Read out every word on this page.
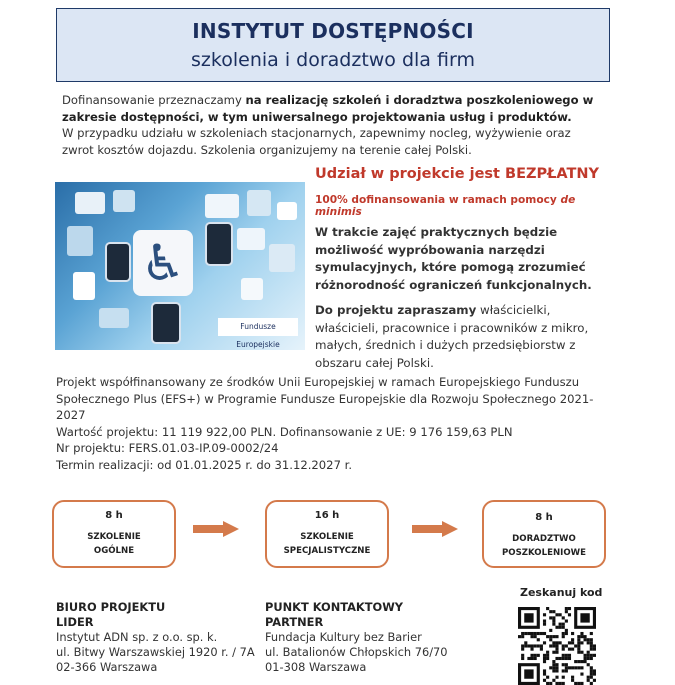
INSTYTUT DOSTĘPNOŚCI
szkolenia i doradztwo dla firm
Dofinansowanie przeznaczamy na realizację szkoleń i doradztwa poszkoleniowego w zakresie dostępności, w tym uniwersalnego projektowania usług i produktów.
W przypadku udziału w szkoleniach stacjonarnych, zapewnimy nocleg, wyżywienie oraz zwrot kosztów dojazdu. Szkolenia organizujemy na terenie całej Polski.
♿
Fundusze Europejskie
Udział w projekcie jest BEZPŁATNY
100% dofinansowania w ramach pomocy de minimis
W trakcie zajęć praktycznych będzie możliwość wypróbowania narzędzi symulacyjnych, które pomogą zrozumieć różnorodność ograniczeń funkcjonalnych.
Do projektu zapraszamy właścicielki, właścicieli, pracownice i pracowników z mikro, małych, średnich i dużych przedsiębiorstw z obszaru całej Polski.
Projekt współfinansowany ze środków Unii Europejskiej w ramach Europejskiego Funduszu
Społecznego Plus (EFS+) w Programie Fundusze Europejskie dla Rozwoju Społecznego 2021-2027
Wartość projektu: 11 119 922,00 PLN. Dofinansowanie z UE: 9 176 159,63 PLN
Nr projektu: FERS.01.03-IP.09-0002/24
Termin realizacji: od 01.01.2025 r. do 31.12.2027 r.
8 h
SZKOLENIE
OGÓLNE
16 h
SZKOLENIE
SPECJALISTYCZNE
8 h
DORADZTWO
POSZKOLENIOWE
BIURO PROJEKTU
LIDER
Instytut ADN sp. z o.o. sp. k.
ul. Bitwy Warszawskiej 1920 r. / 7A
02-366 Warszawa
PUNKT KONTAKTOWY
PARTNER
Fundacja Kultury bez Barier
ul. Batalionów Chłopskich 76/70
01-308 Warszawa
Zeskanuj kod
